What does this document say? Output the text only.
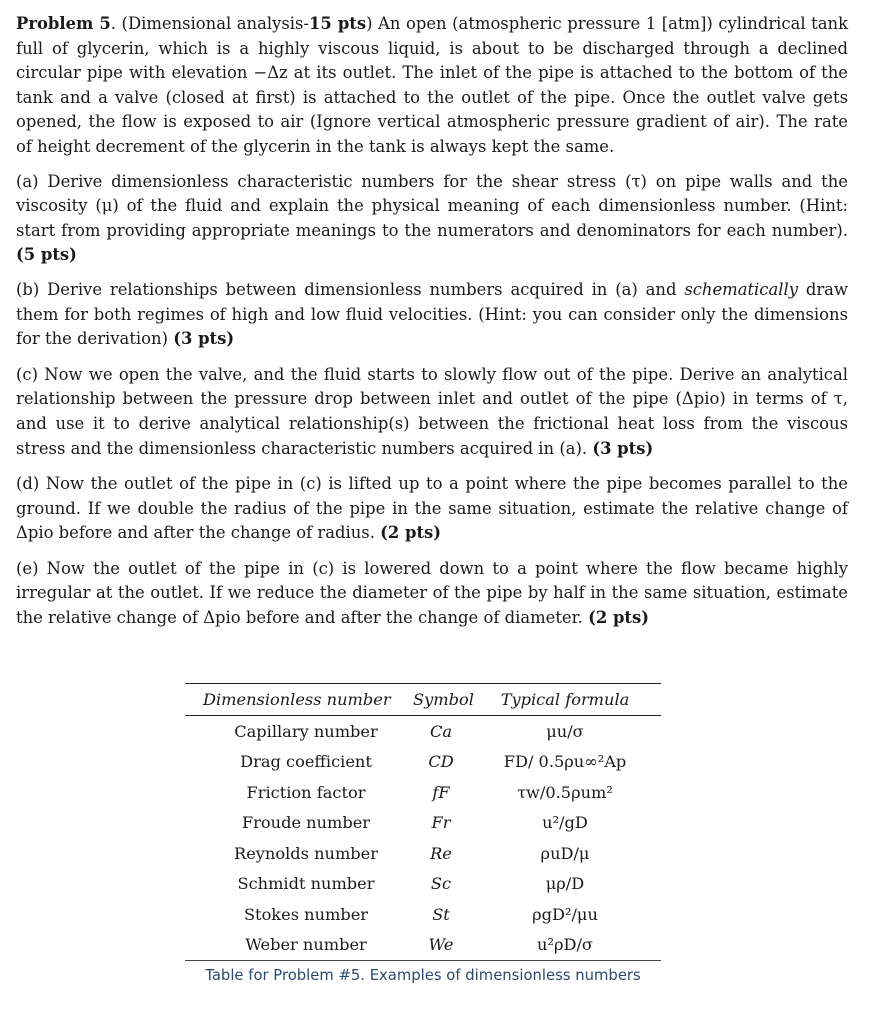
Problem 5. (Dimensional analysis-15 pts) An open (atmospheric pressure 1 [atm]) cylindrical tank full of glycerin, which is a highly viscous liquid, is about to be discharged through a declined circular pipe with elevation −Δz at its outlet. The inlet of the pipe is attached to the bottom of the tank and a valve (closed at first) is attached to the outlet of the pipe. Once the outlet valve gets opened, the flow is exposed to air (Ignore vertical atmospheric pressure gradient of air). The rate of height decrement of the glycerin in the tank is always kept the same.

(a) Derive dimensionless characteristic numbers for the shear stress (τ) on pipe walls and the viscosity (μ) of the fluid and explain the physical meaning of each dimensionless number. (Hint: start from providing appropriate meanings to the numerators and denominators for each number). (5 pts)

(b) Derive relationships between dimensionless numbers acquired in (a) and schematically draw them for both regimes of high and low fluid velocities. (Hint: you can consider only the dimensions for the derivation) (3 pts)

(c) Now we open the valve, and the fluid starts to slowly flow out of the pipe. Derive an analytical relationship between the pressure drop between inlet and outlet of the pipe (Δpio) in terms of τ, and use it to derive analytical relationship(s) between the frictional heat loss from the viscous stress and the dimensionless characteristic numbers acquired in (a). (3 pts)

(d) Now the outlet of the pipe in (c) is lifted up to a point where the pipe becomes parallel to the ground. If we double the radius of the pipe in the same situation, estimate the relative change of Δpio before and after the change of radius. (2 pts)

(e) Now the outlet of the pipe in (c) is lowered down to a point where the flow became highly irregular at the outlet. If we reduce the diameter of the pipe by half in the same situation, estimate the relative change of Δpio before and after the change of diameter. (2 pts)

Dimensionless number	Symbol	Typical formula
Capillary number	Ca	μu/σ
Drag coefficient	CD	FD/ 0.5ρu∞²Ap
Friction factor	fF	τw/0.5ρum²
Froude number	Fr	u²/gD
Reynolds number	Re	ρuD/μ
Schmidt number	Sc	μρ/D
Stokes number	St	ρgD²/μu
Weber number	We	u²ρD/σ
Table for Problem #5. Examples of dimensionless numbers
